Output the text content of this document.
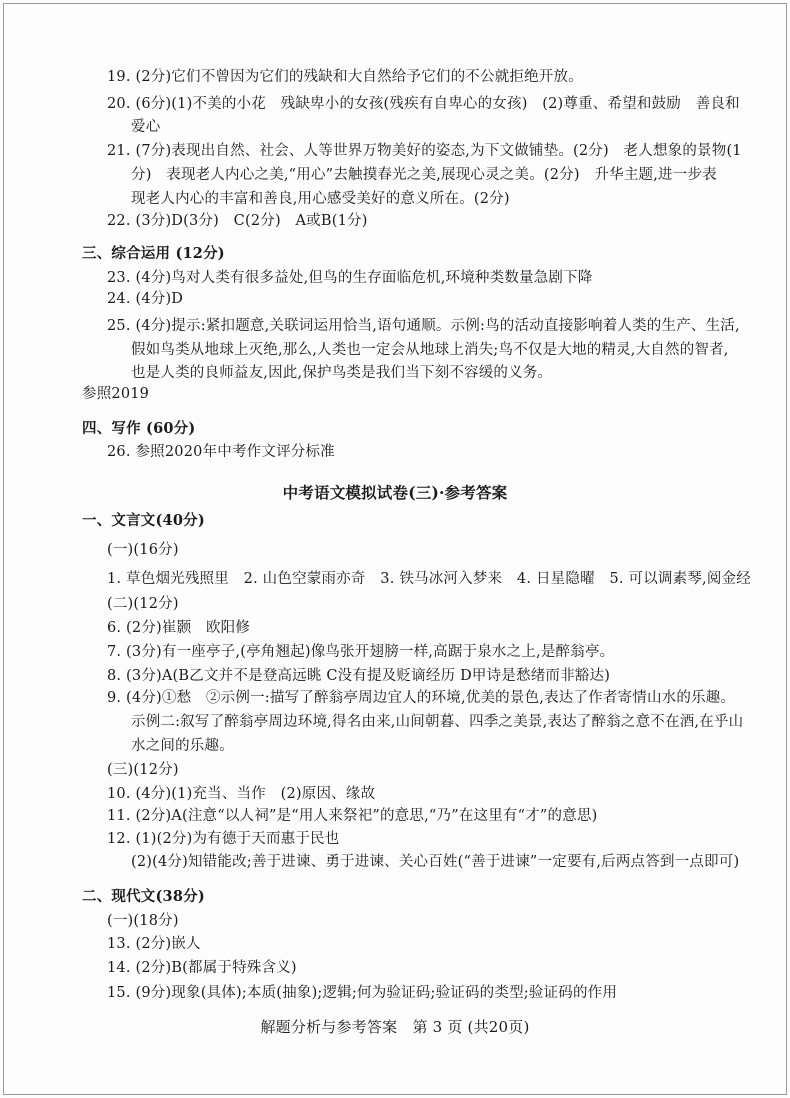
19. (2分)它们不曾因为它们的残缺和大自然给予它们的不公就拒绝开放。
20. (6分)(1)不美的小花　残缺卑小的女孩(残疾有自卑心的女孩)　(2)尊重、希望和鼓励　善良和
爱心
21. (7分)表现出自然、社会、人等世界万物美好的姿态,为下文做铺垫。(2分)　老人想象的景物(1
分)　表现老人内心之美,“用心”去触摸春光之美,展现心灵之美。(2分)　升华主题,进一步表
现老人内心的丰富和善良,用心感受美好的意义所在。(2分)
22. (3分)D(3分)　C(2分)　A或B(1分)
三、综合运用 (12分)
23. (4分)鸟对人类有很多益处,但鸟的生存面临危机,环境种类数量急剧下降
24. (4分)D
25. (4分)提示:紧扣题意,关联词运用恰当,语句通顺。示例:鸟的活动直接影响着人类的生产、生活,
假如鸟类从地球上灭绝,那么,人类也一定会从地球上消失;鸟不仅是大地的精灵,大自然的智者,
也是人类的良师益友,因此,保护鸟类是我们当下刻不容缓的义务。
参照2019
四、写作 (60分)
26. 参照2020年中考作文评分标准
中考语文模拟试卷(三)·参考答案
一、文言文(40分)
(一)(16分)
1. 草色烟光残照里　2. 山色空蒙雨亦奇　3. 铁马冰河入梦来　4. 日星隐曜　5. 可以调素琴,阅金经
(二)(12分)
6. (2分)崔颢　欧阳修
7. (3分)有一座亭子,(亭角翘起)像鸟张开翅膀一样,高踞于泉水之上,是醉翁亭。
8. (3分)A(B乙文并不是登高远眺 C没有提及贬谪经历 D甲诗是愁绪而非豁达)
9. (4分)①愁　②示例一:描写了醉翁亭周边宜人的环境,优美的景色,表达了作者寄情山水的乐趣。
示例二:叙写了醉翁亭周边环境,得名由来,山间朝暮、四季之美景,表达了醉翁之意不在酒,在乎山
水之间的乐趣。
(三)(12分)
10. (4分)(1)充当、当作　(2)原因、缘故
11. (2分)A(注意“以人祠”是“用人来祭祀”的意思,“乃”在这里有“才”的意思)
12. (1)(2分)为有德于天而惠于民也
(2)(4分)知错能改;善于进谏、勇于进谏、关心百姓(“善于进谏”一定要有,后两点答到一点即可)
二、现代文(38分)
(一)(18分)
13. (2分)嵌人
14. (2分)B(都属于特殊含义)
15. (9分)现象(具体);本质(抽象);逻辑;何为验证码;验证码的类型;验证码的作用
解题分析与参考答案　第 3 页 (共20页)
